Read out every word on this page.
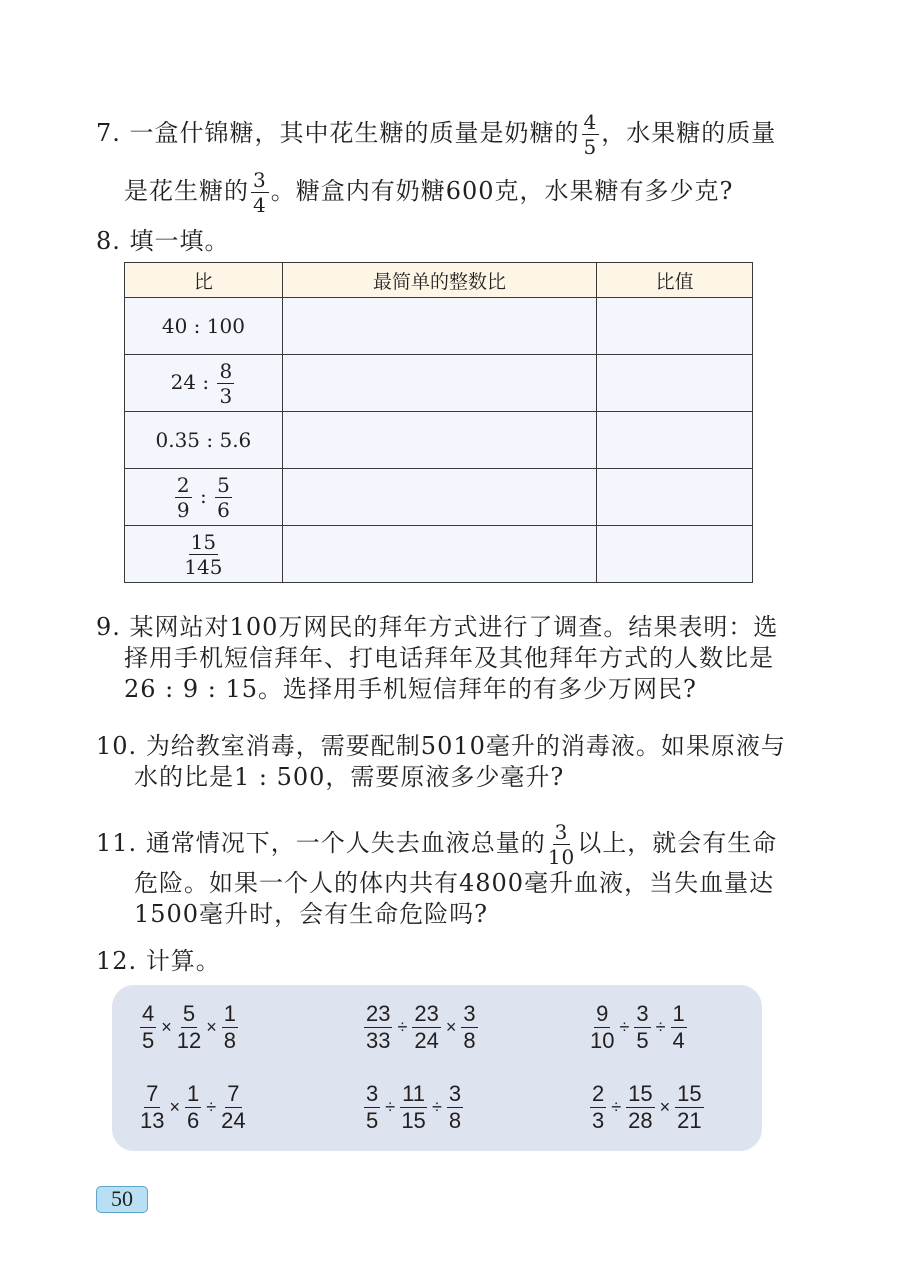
7. 一盒什锦糖，其中花生糖的质量是奶糖的 $\frac{4}{5}$ ，水果糖的质量
是花生糖的 $\frac{3}{4}$ 。糖盒内有奶糖600克，水果糖有多少克?
8. 填一填。
比	最简单的整数比	比值
40 : 100		
24 : $\frac{8}{3}$

0.35 : 5.6		

$\frac{2}{9}$ : $\frac{5}{6}$

$\frac{15}{145}$

9. 某网站对100万网民的拜年方式进行了调查。结果表明：选
择用手机短信拜年、打电话拜年及其他拜年方式的人数比是
26 : 9 : 15。选择用手机短信拜年的有多少万网民?
10. 为给教室消毒，需要配制5010毫升的消毒液。如果原液与
水的比是1 : 500，需要原液多少毫升?
11. 通常情况下，一个人失去血液总量的 $\frac{3}{10}$ 以上，就会有生命
危险。如果一个人的体内共有4800毫升血液，当失血量达
1500毫升时，会有生命危险吗?
12. 计算。
$\frac{4}{5} \times \frac{5}{12} \times \frac{1}{8}$	$\frac{23}{33} \div \frac{23}{24} \times \frac{3}{8}$	$\frac{9}{10} \div \frac{3}{5} \div \frac{1}{4}$
$\frac{7}{13} \times \frac{1}{6} \div \frac{7}{24}$	$\frac{3}{5} \div \frac{11}{15} \div \frac{3}{8}$	$\frac{2}{3} \div \frac{15}{28} \times \frac{15}{21}$
50
